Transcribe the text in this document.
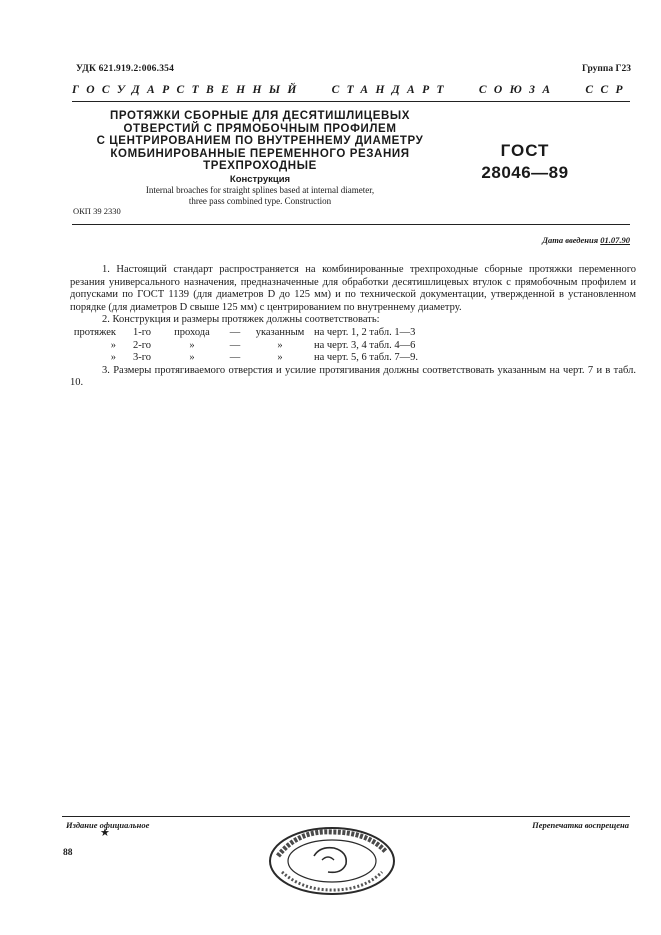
УДК 621.919.2:006.354	Группа Г23
ГОСУДАРСТВЕННЫЙ СТАНДАРТ СОЮЗА ССР
ПРОТЯЖКИ СБОРНЫЕ ДЛЯ ДЕСЯТИШЛИЦЕВЫХ
ОТВЕРСТИЙ С ПРЯМОБОЧНЫМ ПРОФИЛЕМ
С ЦЕНТРИРОВАНИЕМ ПО ВНУТРЕННЕМУ ДИАМЕТРУ
КОМБИНИРОВАННЫЕ ПЕРЕМЕННОГО РЕЗАНИЯ
ТРЕХПРОХОДНЫЕ
Конструкция
Internal broaches for straight splines based at internal diameter,
three pass combined type. Construction
ГОСТ
28046—89
ОКП 39 2330
Дата введения 01.07.90

1. Настоящий стандарт распространяется на комбинированные трехпроходные сборные протяжки переменного резания универсального назначения, предназначенные для обработки десятишлицевых втулок с прямобочным профилем и допусками по ГОСТ 1139 (для диаметров D до 125 мм) и по технической документации, утвержденной в установленном порядке (для диаметров D свыше 125 мм) с центрированием по внутреннему диаметру.

2. Конструкция и размеры протяжек должны соответствовать:

протяжек	1-го	прохода	—	указанным на черт. 1, 2 табл. 1—3
»	2-го	»	—	»	на черт. 3, 4 табл. 4—6
»	3-го	»	—	»	на черт. 5, 6 табл. 7—9.

3. Размеры протягиваемого отверстия и усилие протягивания должны соответствовать указанным на черт. 7 и в табл. 10.

Издание официальное
★
Перепечатка воспрещена
88
